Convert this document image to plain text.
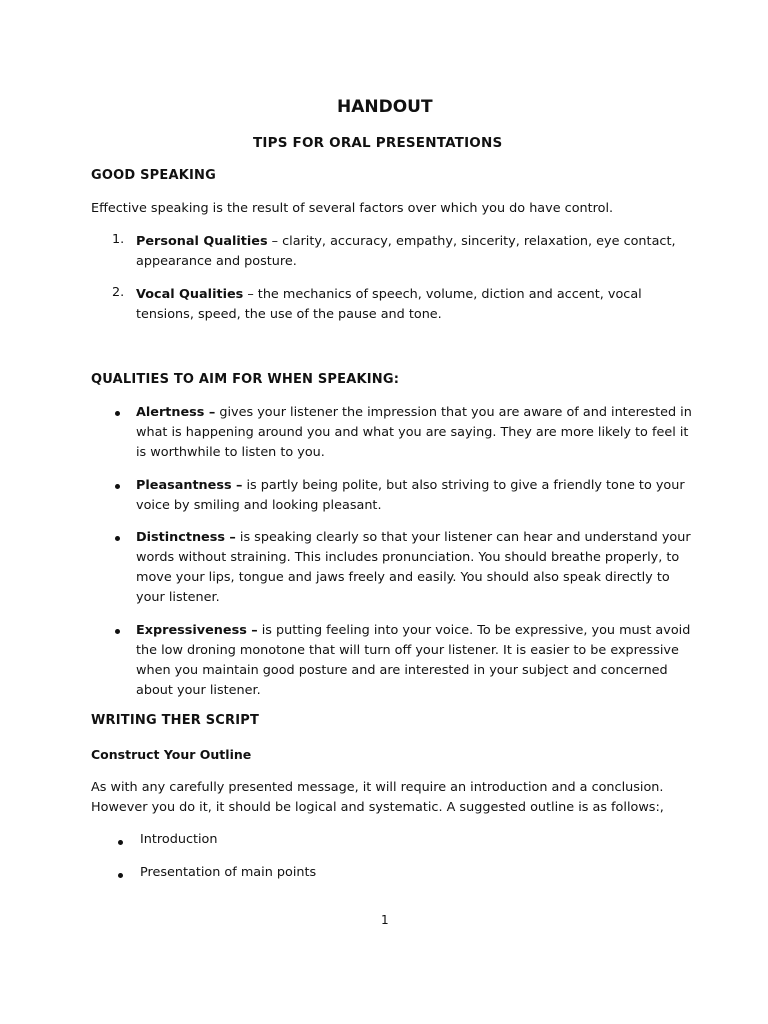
HANDOUT
TIPS FOR ORAL PRESENTATIONS
GOOD SPEAKING
Effective speaking is the result of several factors over which you do have control.
1. Personal Qualities – clarity, accuracy, empathy, sincerity, relaxation, eye contact, appearance and posture.
2. Vocal Qualities – the mechanics of speech, volume, diction and accent, vocal tensions, speed, the use of the pause and tone.
QUALITIES TO AIM FOR WHEN SPEAKING:
Alertness – gives your listener the impression that you are aware of and interested in what is happening around you and what you are saying. They are more likely to feel it is worthwhile to listen to you.
Pleasantness – is partly being polite, but also striving to give a friendly tone to your voice by smiling and looking pleasant.
Distinctness – is speaking clearly so that your listener can hear and understand your words without straining. This includes pronunciation. You should breathe properly, to move your lips, tongue and jaws freely and easily. You should also speak directly to your listener.
Expressiveness – is putting feeling into your voice. To be expressive, you must avoid the low droning monotone that will turn off your listener. It is easier to be expressive when you maintain good posture and are interested in your subject and concerned about your listener.
WRITING THER SCRIPT
Construct Your Outline
As with any carefully presented message, it will require an introduction and a conclusion. However you do it, it should be logical and systematic. A suggested outline is as follows:,
Introduction
Presentation of main points
1
